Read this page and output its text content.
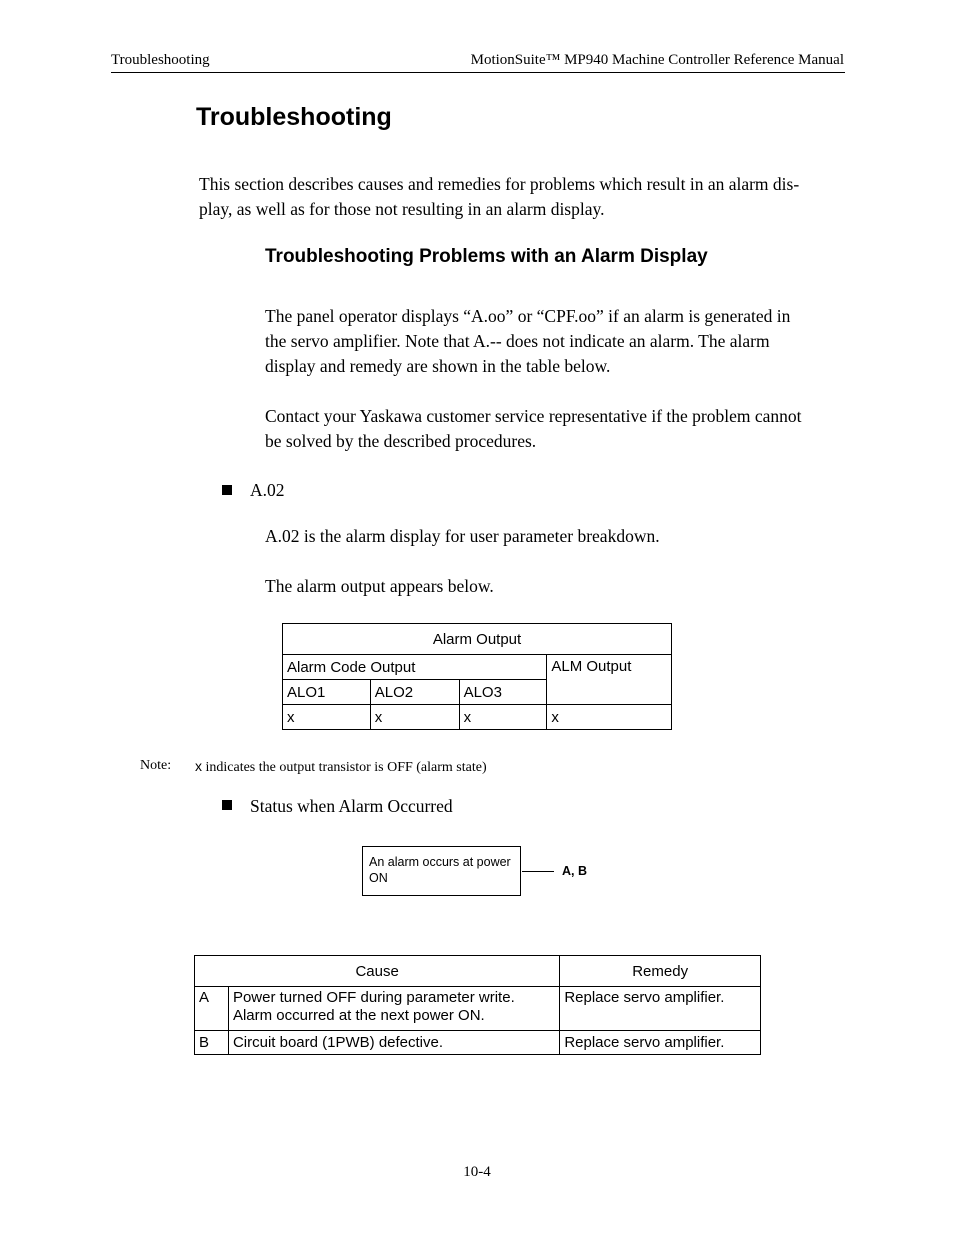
Troubleshooting	MotionSuite™ MP940 Machine Controller Reference Manual
Troubleshooting
This section describes causes and remedies for problems which result in an alarm dis-
play, as well as for those not resulting in an alarm display.
Troubleshooting Problems with an Alarm Display
The panel operator displays “A.oo” or “CPF.oo” if an alarm is generated in
the servo amplifier. Note that A.-- does not indicate an alarm. The alarm
display and remedy are shown in the table below.
Contact your Yaskawa customer service representative if the problem cannot
be solved by the described procedures.
A.02
A.02 is the alarm display for user parameter breakdown.
The alarm output appears below.
Alarm Output			
Alarm Code Output			ALM Output
ALO1	ALO2	ALO3	
x	x	x	x
Note: x indicates the output transistor is OFF (alarm state)
Status when Alarm Occurred
An alarm occurs at power
ON	A, B
Cause		Remedy
A	Power turned OFF during parameter write.
Alarm occurred at the next power ON.	Replace servo amplifier.
B	Circuit board (1PWB) defective.	Replace servo amplifier.
10-4
